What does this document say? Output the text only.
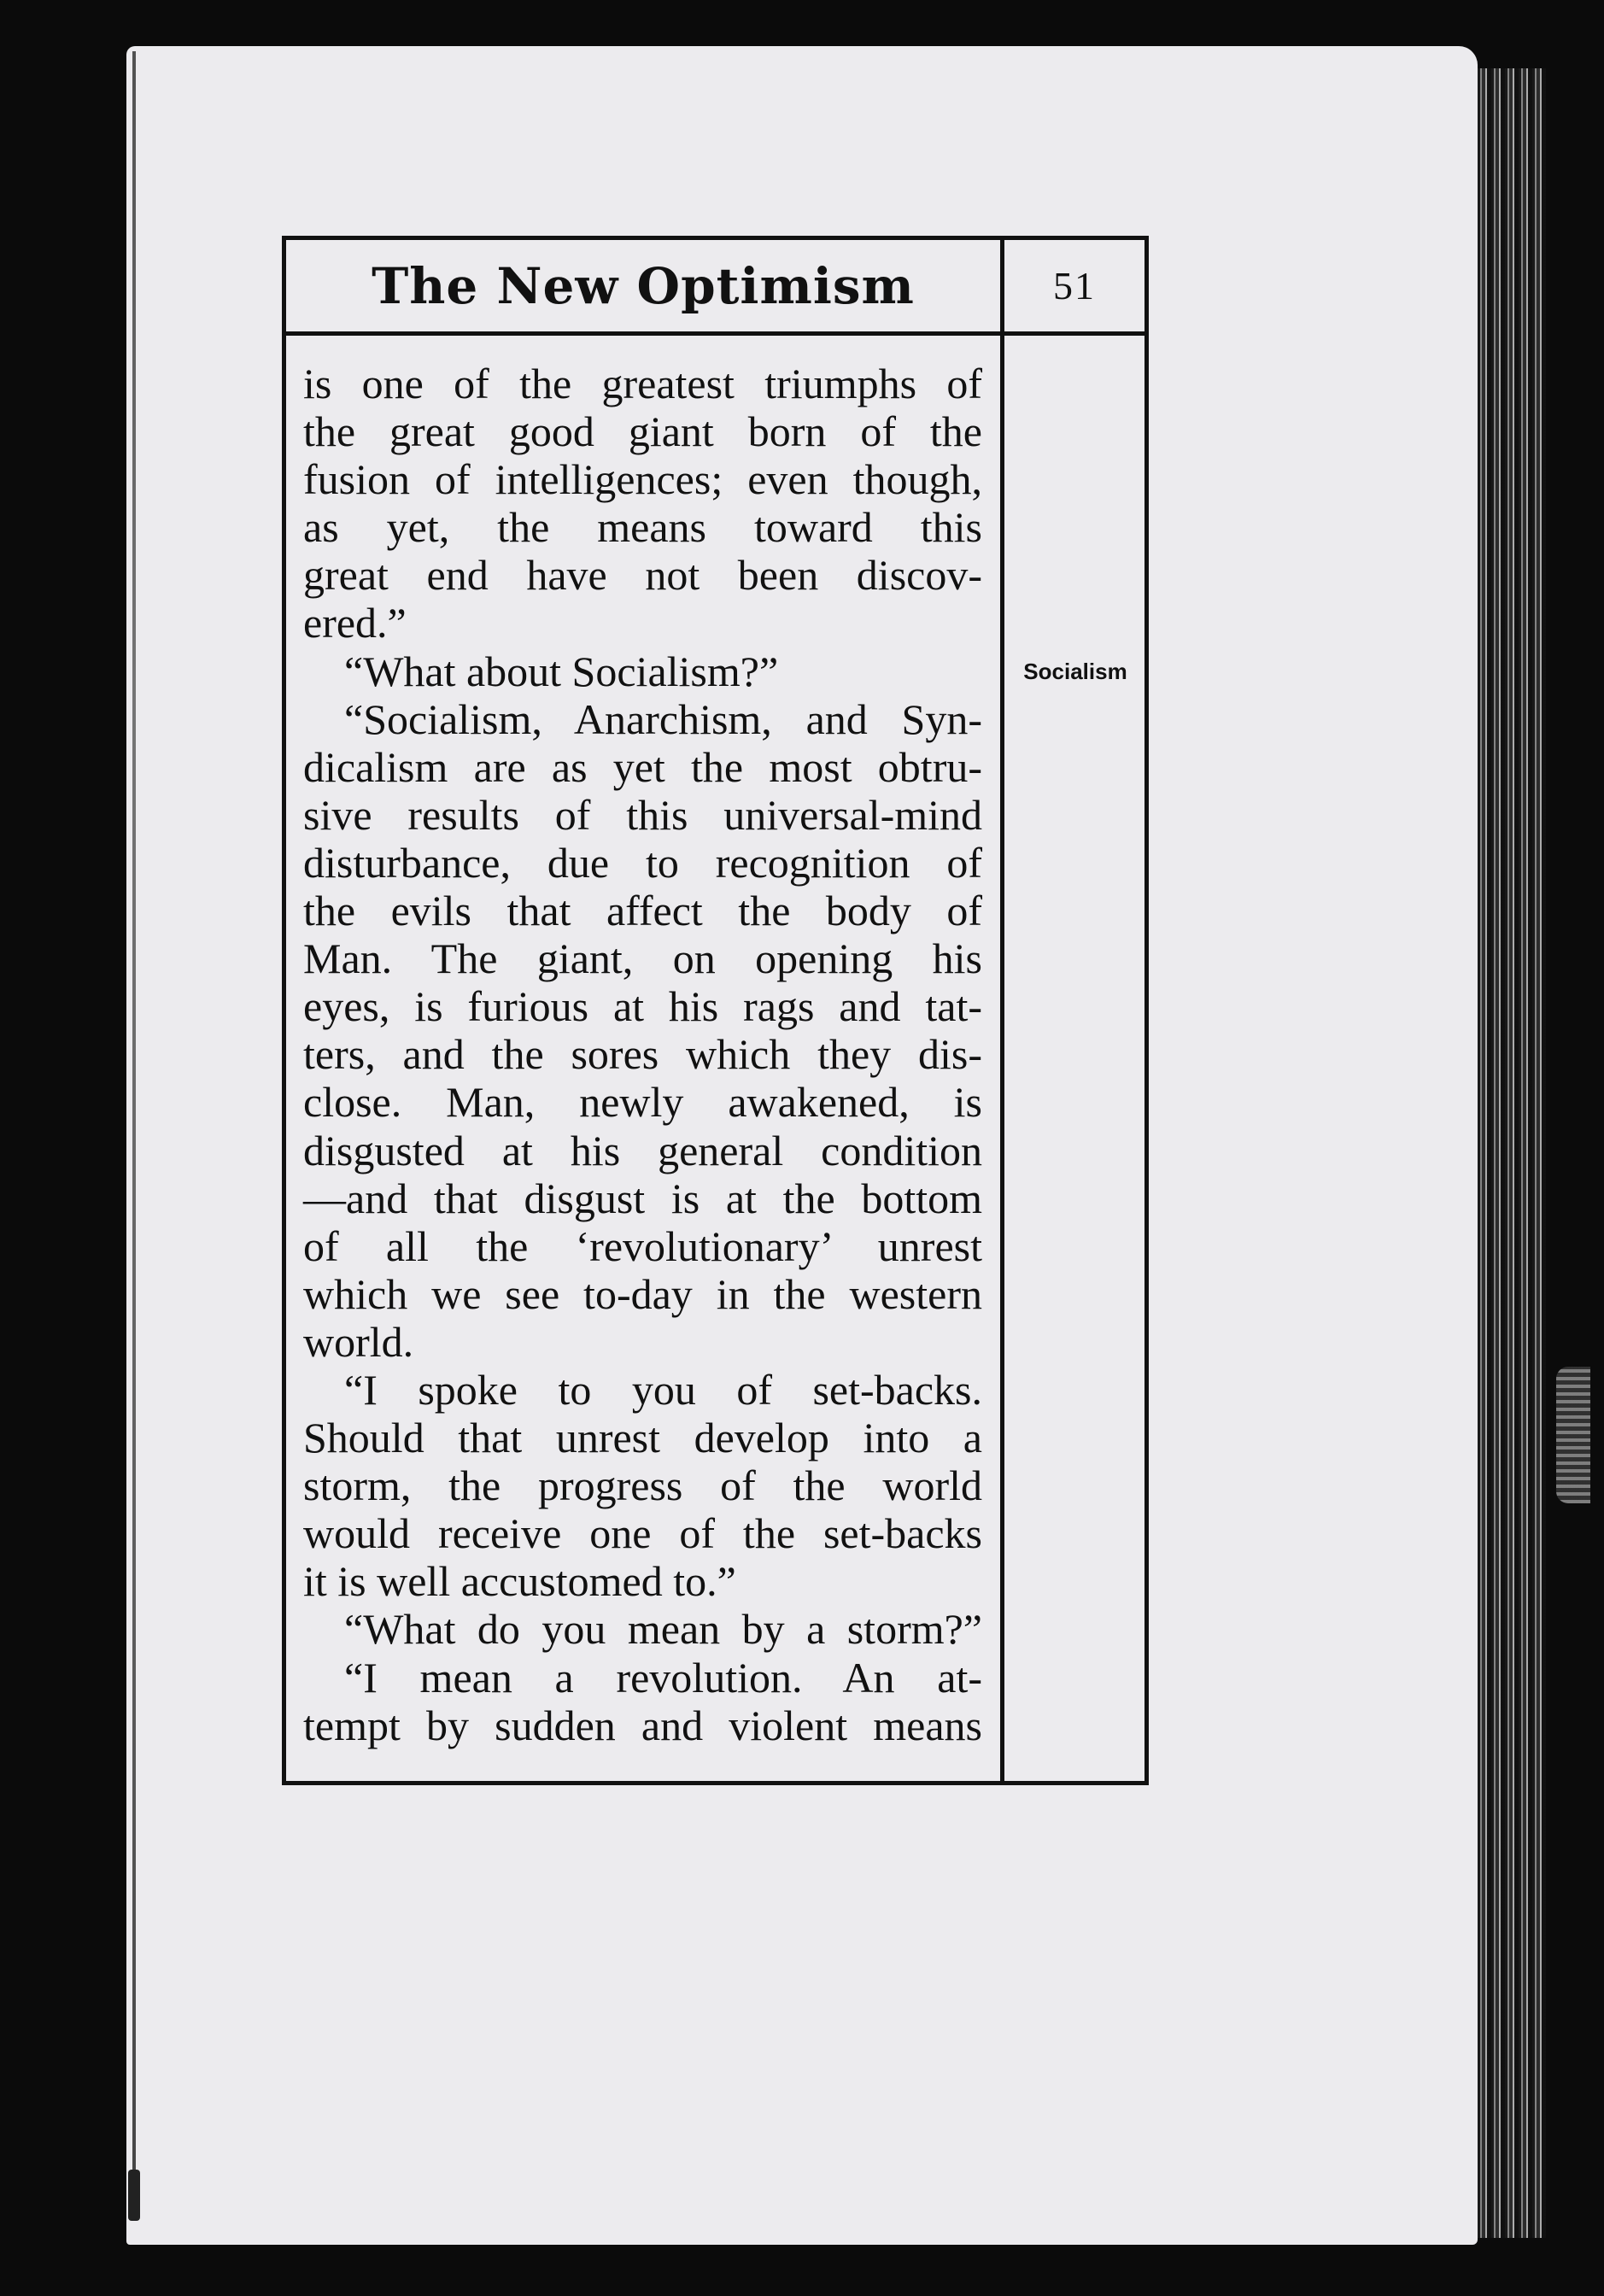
The New Optimism	51
is one of the greatest triumphs of
the great good giant born of the
fusion of intelligences; even though,
as yet, the means toward this
great end have not been discov-
ered.”
“What about Socialism?”
“Socialism, Anarchism, and Syn-
dicalism are as yet the most obtru-
sive results of this universal-mind
disturbance, due to recognition of
the evils that affect the body of
Man. The giant, on opening his
eyes, is furious at his rags and tat-
ters, and the sores which they dis-
close. Man, newly awakened, is
disgusted at his general condition
—and that disgust is at the bottom
of all the ‘revolutionary’ unrest
which we see to-day in the western
world.
“I spoke to you of set-backs.
Should that unrest develop into a
storm, the progress of the world
would receive one of the set-backs
it is well accustomed to.”
“What do you mean by a storm?”
“I mean a revolution. An at-
tempt by sudden and violent means
Socialism
